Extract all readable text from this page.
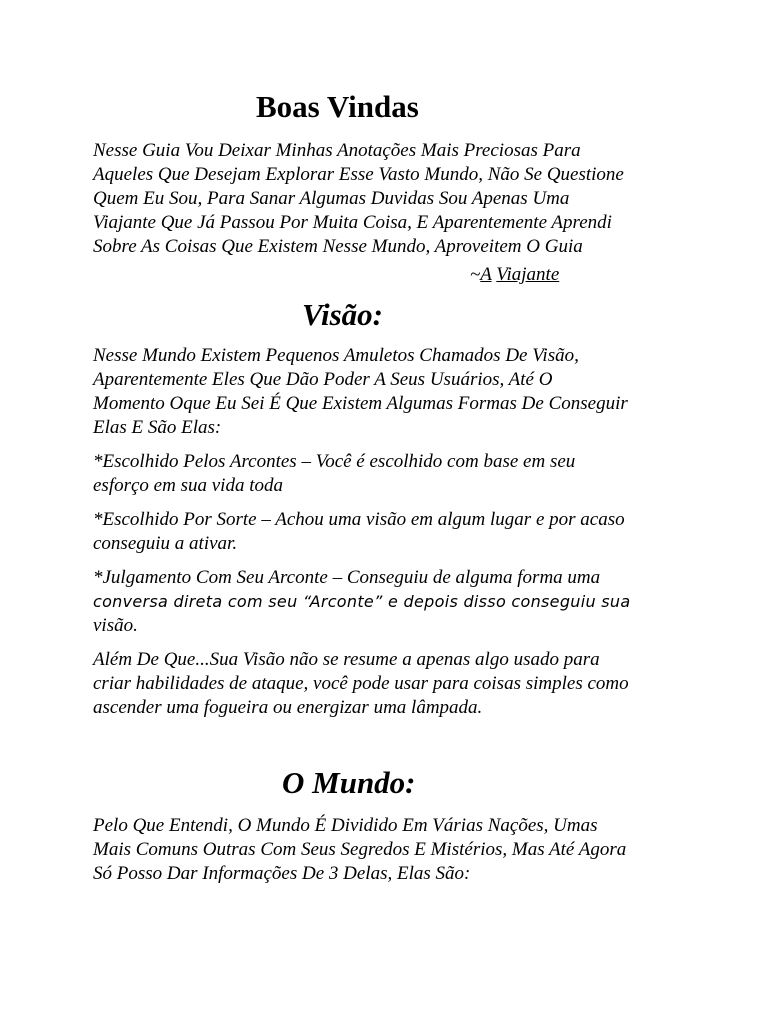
Boas Vindas

Nesse Guia Vou Deixar Minhas Anotações Mais Preciosas Para
Aqueles Que Desejam Explorar Esse Vasto Mundo, Não Se Questione
Quem Eu Sou, Para Sanar Algumas Duvidas Sou Apenas Uma
Viajante Que Já Passou Por Muita Coisa, E Aparentemente Aprendi
Sobre As Coisas Que Existem Nesse Mundo, Aproveitem O Guia

~A Viajante
Visão:

Nesse Mundo Existem Pequenos Amuletos Chamados De Visão,
Aparentemente Eles Que Dão Poder A Seus Usuários, Até O
Momento Oque Eu Sei É Que Existem Algumas Formas De Conseguir
Elas E São Elas:

*Escolhido Pelos Arcontes – Você é escolhido com base em seu
esforço em sua vida toda

*Escolhido Por Sorte – Achou uma visão em algum lugar e por acaso
conseguiu a ativar.

*Julgamento Com Seu Arconte – Conseguiu de alguma forma uma
conversa direta com seu “Arconte” e depois disso conseguiu sua
visão.

Além De Que...Sua Visão não se resume a apenas algo usado para
criar habilidades de ataque, você pode usar para coisas simples como
ascender uma fogueira ou energizar uma lâmpada.

O Mundo:

Pelo Que Entendi, O Mundo É Dividido Em Várias Nações, Umas
Mais Comuns Outras Com Seus Segredos E Mistérios, Mas Até Agora
Só Posso Dar Informações De 3 Delas, Elas São:
